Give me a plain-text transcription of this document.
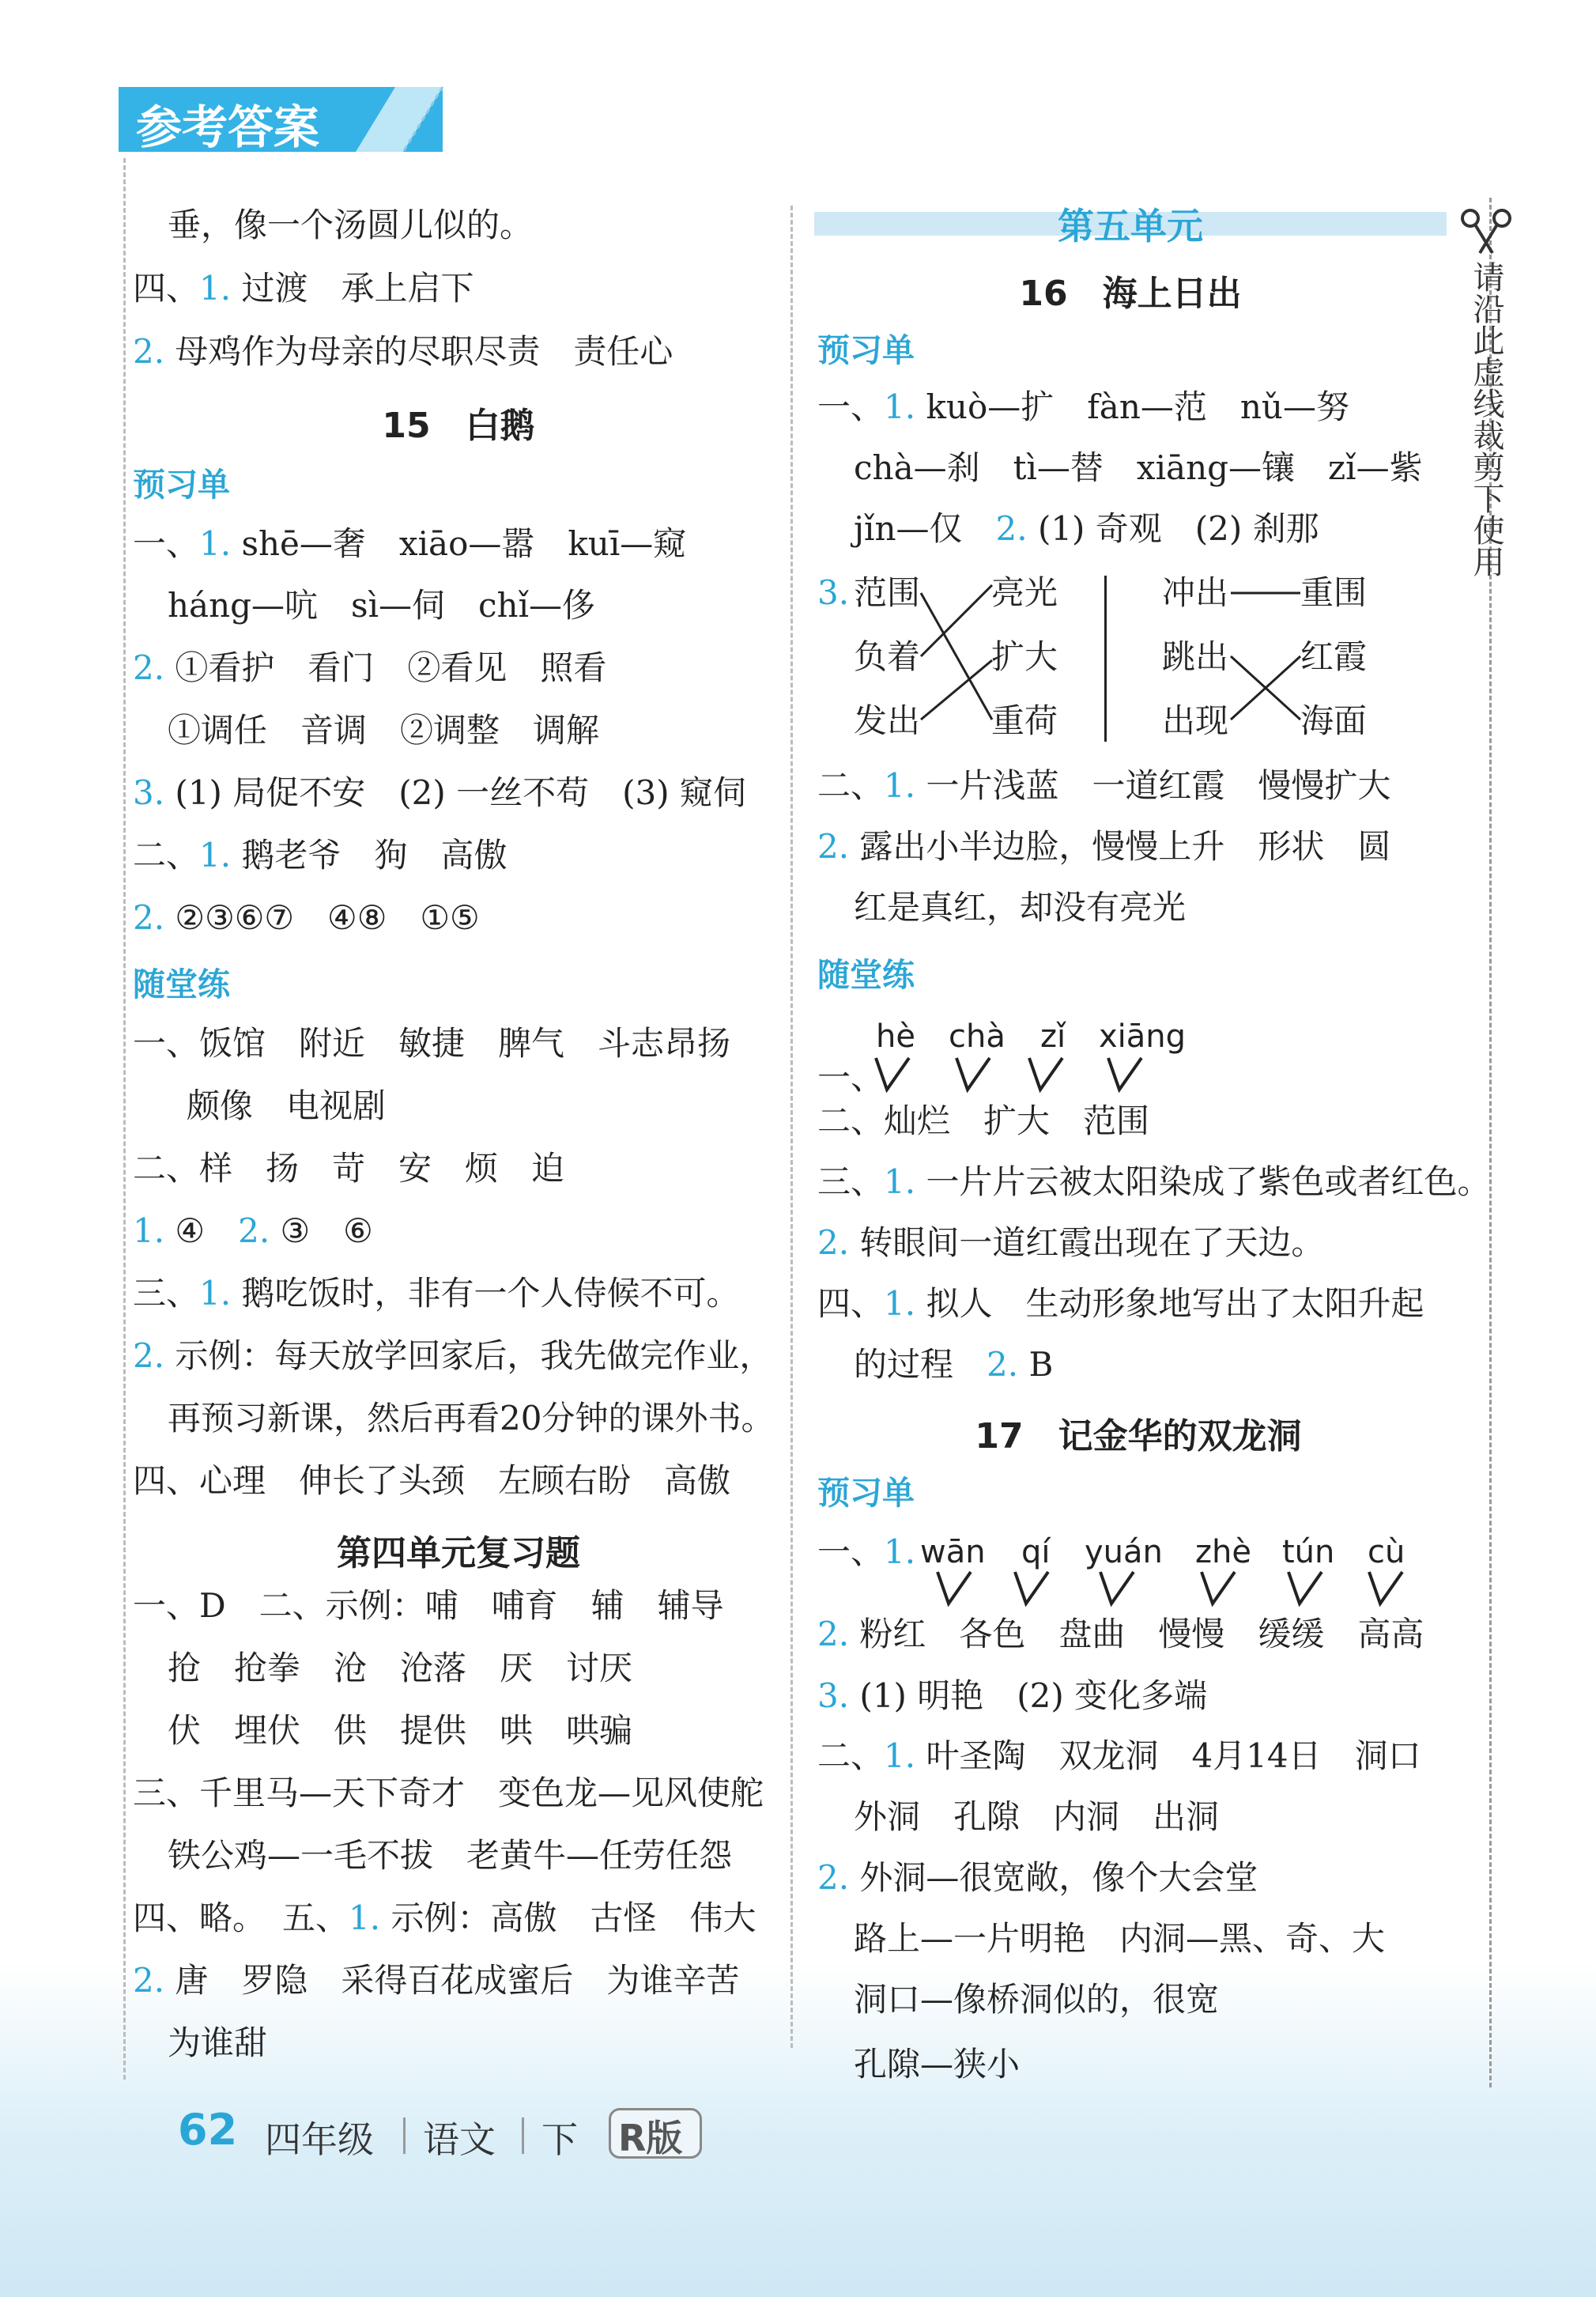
参考答案
请沿此虚线裁剪下使用
垂，像一个汤圆儿似的。
四、1. 过渡　承上启下
2. 母鸡作为母亲的尽职尽责　责任心
15　白鹅
预习单
一、1. shē—奢　xiāo—嚣　kuī—窥
háng—吭　sì—伺　chǐ—侈
2. ①看护　看门　②看见　照看
①调任　音调　②调整　调解
3. (1) 局促不安　(2) 一丝不苟　(3) 窥伺
二、1. 鹅老爷　狗　高傲
2. ②③⑥⑦　④⑧　①⑤
随堂练
一、饭馆　附近　敏捷　脾气　斗志昂扬
颇像　电视剧
二、样　扬　苛　安　烦　迫
1. ④　2. ③　⑥
三、1. 鹅吃饭时，非有一个人侍候不可。
2. 示例：每天放学回家后，我先做完作业，
再预习新课，然后再看20分钟的课外书。
四、心理　伸长了头颈　左顾右盼　高傲
第四单元复习题
一、D　二、示例：哺　哺育　辅　辅导
抢　抢拳　沧　沧落　厌　讨厌
伏　埋伏　供　提供　哄　哄骗
三、千里马—天下奇才　变色龙—见风使舵
铁公鸡—一毛不拔　老黄牛—任劳任怨
四、略。　五、1. 示例：高傲　古怪　伟大
2. 唐　罗隐　采得百花成蜜后　为谁辛苦
为谁甜
第五单元
16　海上日出
预习单
一、1. kuò—扩　fàn—范　nǔ—努
chà—刹　tì—替　xiāng—镶　zǐ—紫
jǐn—仅　2. (1) 奇观　(2) 刹那
3. 范围
负着
发出
亮光
扩大
重荷
冲出
跳出
出现
重围
红霞
海面
二、1. 一片浅蓝　一道红霞　慢慢扩大
2. 露出小半边脸，慢慢上升　形状　圆
红是真红，却没有亮光
随堂练
hè chà zǐ xiāng
一、
二、灿烂　扩大　范围
三、1. 一片片云被太阳染成了紫色或者红色。
2. 转眼间一道红霞出现在了天边。
四、1. 拟人　生动形象地写出了太阳升起
的过程　2. B
17　记金华的双龙洞
预习单
一、1. wān qí yuán zhè tún cù
2. 粉红　各色　盘曲　慢慢　缓缓　高高
3. (1) 明艳　(2) 变化多端
二、1. 叶圣陶　双龙洞　4月14日　洞口
外洞　孔隙　内洞　出洞
2. 外洞—很宽敞，像个大会堂
路上—一片明艳　内洞—黑、奇、大
洞口—像桥洞似的，很宽
孔隙—狭小
62 四年级 语文 下 R版
